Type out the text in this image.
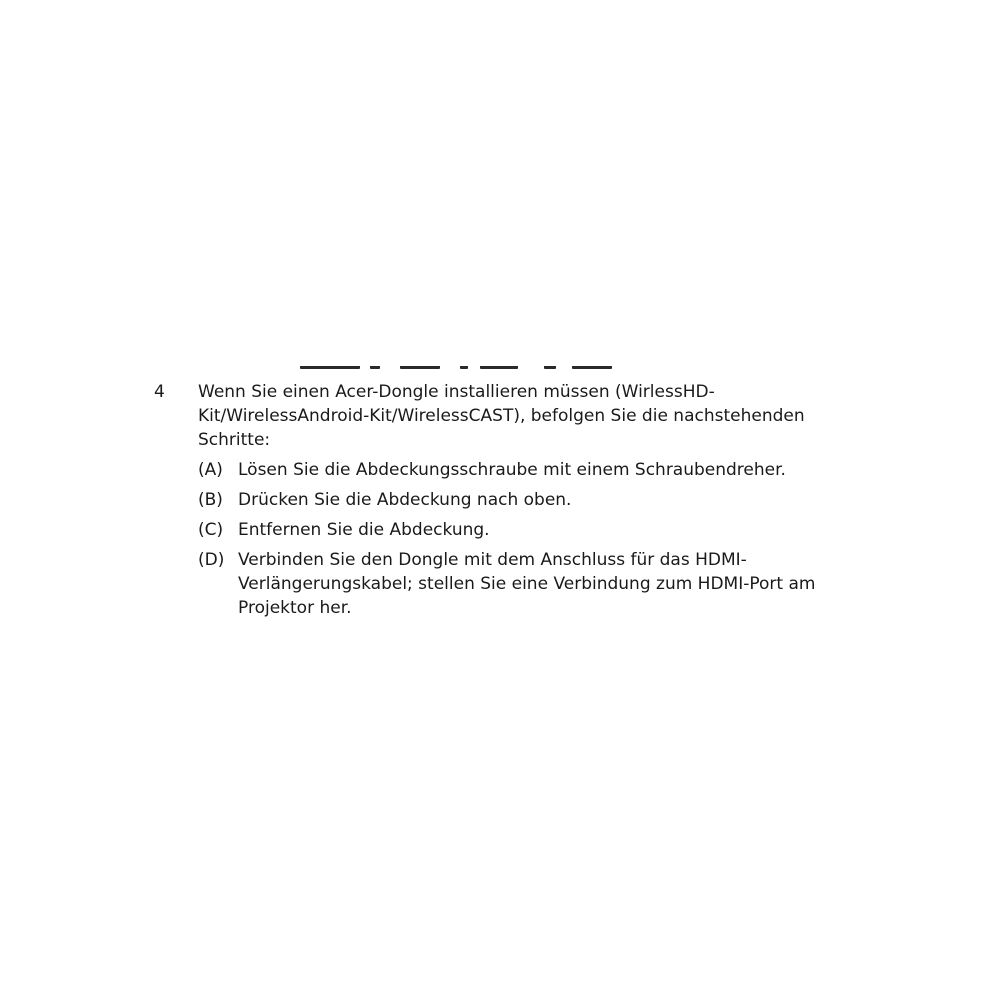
4 Wenn Sie einen Acer-Dongle installieren müssen (WirlessHD-Kit/WirelessAndroid-Kit/WirelessCAST), befolgen Sie die nachstehenden Schritte:
(A) Lösen Sie die Abdeckungsschraube mit einem Schraubendreher.
(B) Drücken Sie die Abdeckung nach oben.
(C) Entfernen Sie die Abdeckung.
(D) Verbinden Sie den Dongle mit dem Anschluss für das HDMI-Verlängerungskabel; stellen Sie eine Verbindung zum HDMI-Port am Projektor her.
